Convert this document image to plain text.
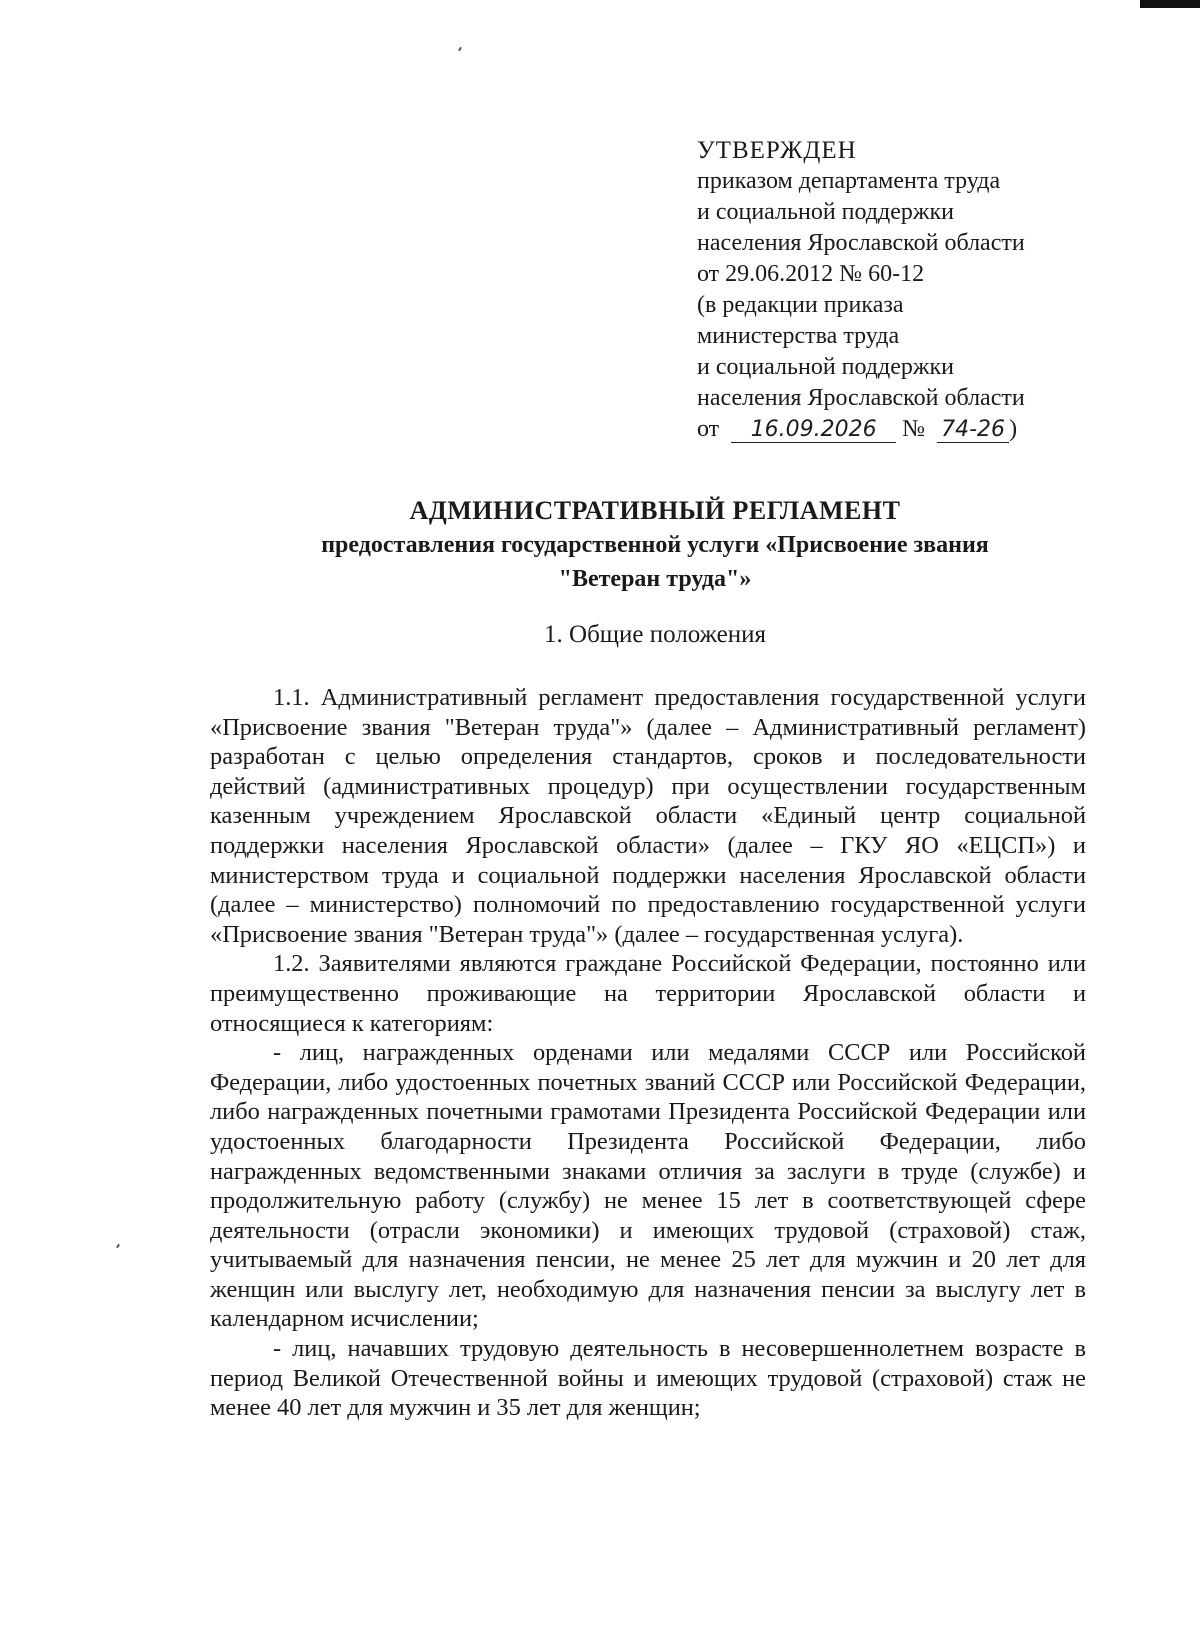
УТВЕРЖДЕН
приказом департамента труда
и социальной поддержки
населения Ярославской области
от 29.06.2012 № 60-12
(в редакции приказа
министерства труда
и социальной поддержки
населения Ярославской области
от 16.09.2026 № 74-26 )
АДМИНИСТРАТИВНЫЙ РЕГЛАМЕНТ
предоставления государственной услуги «Присвоение звания
"Ветеран труда"»
1. Общие положения

1.1. Административный регламент предоставления государственной услуги «Присвоение звания "Ветеран труда"» (далее – Административный регламент) разработан с целью определения стандартов, сроков и последовательности действий (административных процедур) при осуществлении государственным казенным учреждением Ярославской области «Единый центр социальной поддержки населения Ярославской области» (далее – ГКУ ЯО «ЕЦСП») и министерством труда и социальной поддержки населения Ярославской области (далее – министерство) полномочий по предоставлению государственной услуги «Присвоение звания "Ветеран труда"» (далее – государственная услуга).

1.2. Заявителями являются граждане Российской Федерации, постоянно или преимущественно проживающие на территории Ярославской области и относящиеся к категориям:

- лиц, награжденных орденами или медалями СССР или Российской Федерации, либо удостоенных почетных званий СССР или Российской Федерации, либо награжденных почетными грамотами Президента Российской Федерации или удостоенных благодарности Президента Российской Федерации, либо награжденных ведомственными знаками отличия за заслуги в труде (службе) и продолжительную работу (службу) не менее 15 лет в соответствующей сфере деятельности (отрасли экономики) и имеющих трудовой (страховой) стаж, учитываемый для назначения пенсии, не менее 25 лет для мужчин и 20 лет для женщин или выслугу лет, необходимую для назначения пенсии за выслугу лет в календарном исчислении;

- лиц, начавших трудовую деятельность в несовершеннолетнем возрасте в период Великой Отечественной войны и имеющих трудовой (страховой) стаж не менее 40 лет для мужчин и 35 лет для женщин;
